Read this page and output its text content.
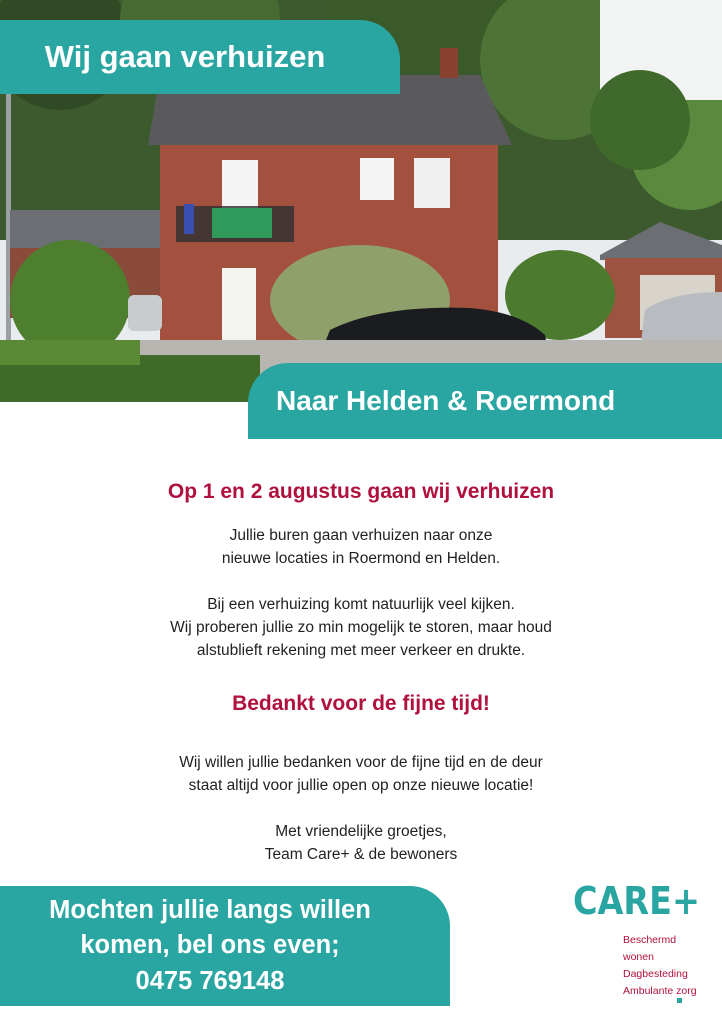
Wij gaan verhuizen
Naar Helden & Roermond

Op 1 en 2 augustus gaan wij verhuizen

Jullie buren gaan verhuizen naar onze
nieuwe locaties in Roermond en Helden.

Bij een verhuizing komt natuurlijk veel kijken.
Wij proberen jullie zo min mogelijk te storen, maar houd
alstublieft rekening met meer verkeer en drukte.

Bedankt voor de fijne tijd!

Wij willen jullie bedanken voor de fijne tijd en de deur
staat altijd voor jullie open op onze nieuwe locatie!

Met vriendelijke groetjes,
Team Care+ & de bewoners

Mochten jullie langs willen
komen, bel ons even;
0475 769148
CARE+
Beschermd wonen
Dagbesteding
Ambulante zorg
